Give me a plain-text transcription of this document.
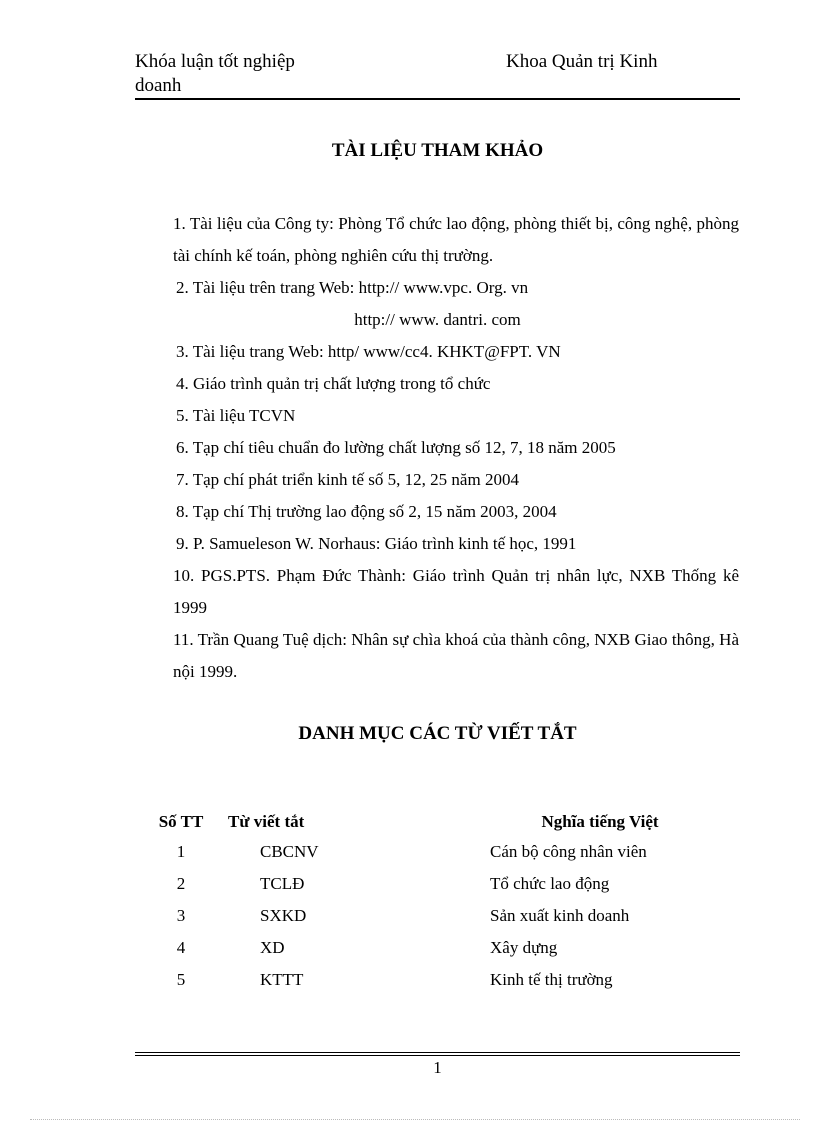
Khóa luận tốt nghiệp doanh
Khoa Quản trị Kinh
TÀI LIỆU THAM KHẢO

1. Tài liệu của Công ty: Phòng Tổ chức lao động, phòng thiết bị, công nghệ, phòng tài chính kế toán, phòng nghiên cứu thị trường.

2. Tài liệu trên trang Web: http:// www.vpc. Org. vn

http:// www. dantri. com

3. Tài liệu trang Web: http/ www/cc4. KHKT@FPT. VN

4. Giáo trình quản trị chất lượng trong tổ chức

5. Tài liệu TCVN

6. Tạp chí tiêu chuẩn đo lường chất lượng số 12, 7, 18 năm 2005

7. Tạp chí phát triển kinh tế số 5, 12, 25 năm 2004

8. Tạp chí Thị trường lao động số 2, 15 năm 2003, 2004

9. P. Samueleson W. Norhaus: Giáo trình kinh tế học, 1991

10. PGS.PTS. Phạm Đức Thành: Giáo trình Quản trị nhân lực, NXB Thống kê 1999

11. Trần Quang Tuệ dịch: Nhân sự chìa khoá của thành công, NXB Giao thông, Hà nội 1999.

DANH MỤC CÁC TỪ VIẾT TẮT
Số TT	Từ viết tắt	Nghĩa tiếng Việt
1	CBCNV	Cán bộ công nhân viên
2	TCLĐ	Tổ chức lao động
3	SXKD	Sản xuất kinh doanh
4	XD	Xây dựng
5	KTTT	Kinh tế thị trường
1
